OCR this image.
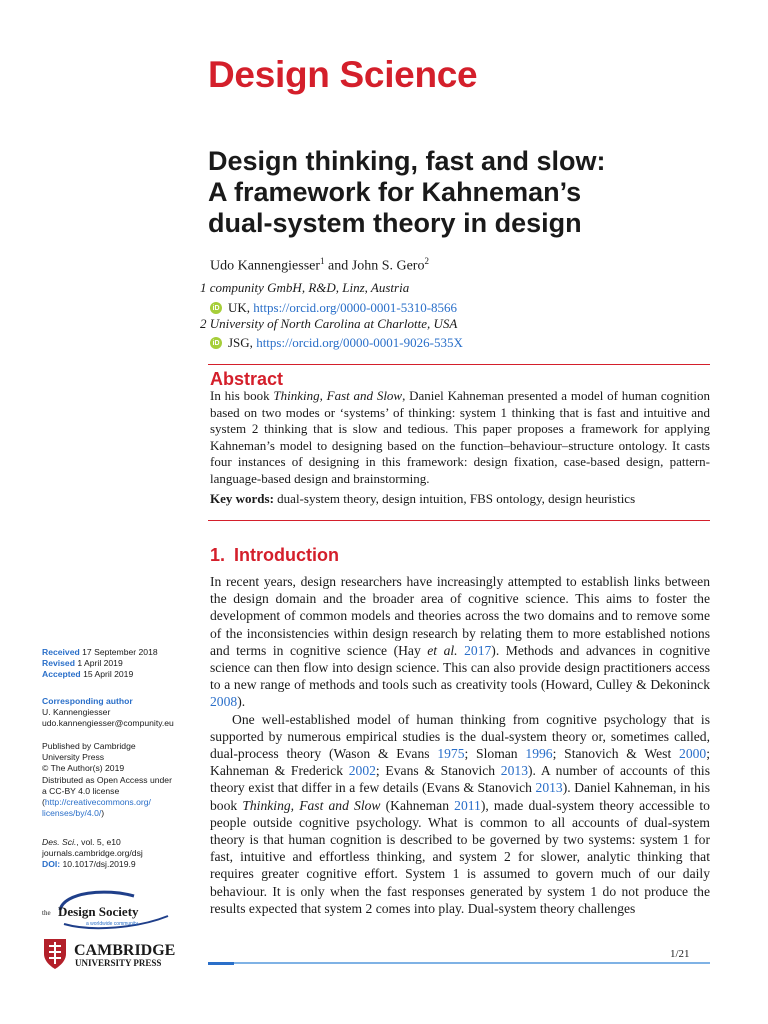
Design Science
Design thinking, fast and slow:
A framework for Kahneman’s
dual-system theory in design
Udo Kannengiesser$^1$ and John S. Gero$^2$
1 compunity GmbH, R&D, Linz, Austria
iD UK, https://orcid.org/0000-0001-5310-8566
2 University of North Carolina at Charlotte, USA
iD JSG, https://orcid.org/0000-0001-9026-535X
Abstract
In his book Thinking, Fast and Slow, Daniel Kahneman presented a model of human cognition based on two modes or ‘systems’ of thinking: system 1 thinking that is fast and intuitive and system 2 thinking that is slow and tedious. This paper proposes a framework for applying Kahneman’s model to designing based on the function–behaviour–structure ontology. It casts four instances of designing in this framework: design fixation, case-based design, pattern-language-based design and brainstorming.
Key words: dual-system theory, design intuition, FBS ontology, design heuristics
1. Introduction

In recent years, design researchers have increasingly attempted to establish links between the design domain and the broader area of cognitive science. This aims to foster the development of common models and theories across the two domains and to remove some of the inconsistencies within design research by relating them to more established notions and terms in cognitive science (Hay et al. 2017). Methods and advances in cognitive science can then flow into design science. This can also provide design practitioners access to a new range of methods and tools such as creativity tools (Howard, Culley & Dekoninck 2008).

One well-established model of human thinking from cognitive psychology that is supported by numerous empirical studies is the dual-system theory or, sometimes called, dual-process theory (Wason & Evans 1975; Sloman 1996; Stanovich & West 2000; Kahneman & Frederick 2002; Evans & Stanovich 2013). A number of accounts of this theory exist that differ in a few details (Evans & Stanovich 2013). Daniel Kahneman, in his book Thinking, Fast and Slow (Kahneman 2011), made dual-system theory accessible to people outside cognitive psychology. What is common to all accounts of dual-system theory is that human cognition is described to be governed by two systems: system 1 for fast, intuitive and effortless thinking, and system 2 for slower, analytic thinking that requires greater cognitive effort. System 1 is assumed to govern much of our daily behaviour. It is only when the fast responses generated by system 1 do not produce the results expected that system 2 comes into play. Dual-system theory challenges

Received 17 September 2018
Revised 1 April 2019
Accepted 15 April 2019
Corresponding author
U. Kannengiesser
udo.kannengiesser@compunity.eu
Published by Cambridge
University Press
© The Author(s) 2019
Distributed as Open Access under
a CC-BY 4.0 license
(http://creativecommons.org/
licenses/by/4.0/)
Des. Sci., vol. 5, e10
journals.cambridge.org/dsj
DOI: 10.1017/dsj.2019.9
the Design Society
a worldwide community
CAMBRIDGE
UNIVERSITY PRESS
1/21
